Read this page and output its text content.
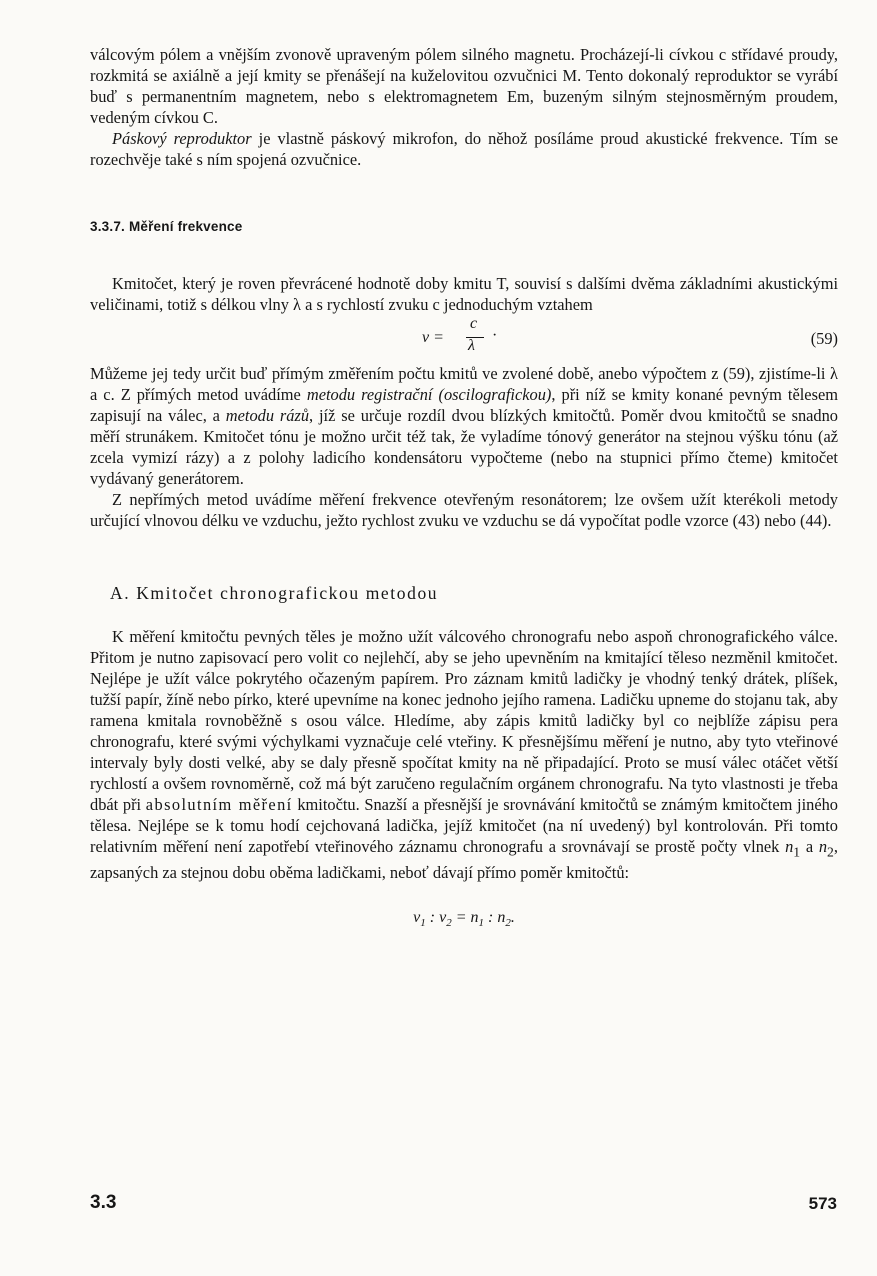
válcovým pólem a vnějším zvonově upraveným pólem silného magnetu. Procházejí-li cívkou c střídavé proudy, rozkmitá se axiálně a její kmity se přenášejí na kuželovitou ozvučnici M. Tento dokonalý reproduktor se vyrábí buď s permanentním magnetem, nebo s elektromagnetem Em, buzeným silným stejnosměrným proudem, vedeným cívkou C.

Páskový reproduktor je vlastně páskový mikrofon, do něhož posíláme proud akustické frekvence. Tím se rozechvěje také s ním spojená ozvučnice.

3.3.7. Měření frekvence

Kmitočet, který je roven převrácené hodnotě doby kmitu T, souvisí s dalšími dvěma základními akustickými veličinami, totiž s délkou vlny λ a s rychlostí zvuku c jednoduchým vztahem

ν =
c
λ
·	(59)

Můžeme jej tedy určit buď přímým změřením počtu kmitů ve zvolené době, anebo výpočtem z (59), zjistíme-li λ a c. Z přímých metod uvádíme metodu registrační (oscilografickou), při níž se kmity konané pevným tělesem zapisují na válec, a metodu rázů, jíž se určuje rozdíl dvou blízkých kmitočtů. Poměr dvou kmitočtů se snadno měří strunákem. Kmitočet tónu je možno určit též tak, že vyladíme tónový generátor na stejnou výšku tónu (až zcela vymizí rázy) a z polohy ladicího kondensátoru vypočteme (nebo na stupnici přímo čteme) kmitočet vydávaný generátorem.

Z nepřímých metod uvádíme měření frekvence otevřeným resonátorem; lze ovšem užít kterékoli metody určující vlnovou délku ve vzduchu, ježto rychlost zvuku ve vzduchu se dá vypočítat podle vzorce (43) nebo (44).

A. Kmitočet chronografickou metodou

K měření kmitočtu pevných těles je možno užít válcového chronografu nebo aspoň chronografického válce. Přitom je nutno zapisovací pero volit co nejlehčí, aby se jeho upevněním na kmitající těleso nezměnil kmitočet. Nejlépe je užít válce pokrytého očazeným papírem. Pro záznam kmitů ladičky je vhodný tenký drátek, plíšek, tužší papír, žíně nebo pírko, které upevníme na konec jednoho jejího ramena. Ladičku upneme do stojanu tak, aby ramena kmitala rovnoběžně s osou válce. Hledíme, aby zápis kmitů ladičky byl co nejblíže zápisu pera chronografu, které svými výchylkami vyznačuje celé vteřiny. K přesnějšímu měření je nutno, aby tyto vteřinové intervaly byly dosti velké, aby se daly přesně spočítat kmity na ně připadající. Proto se musí válec otáčet větší rychlostí a ovšem rovnoměrně, což má být zaručeno regulačním orgánem chronografu. Na tyto vlastnosti je třeba dbát při absolutním měření kmitočtu. Snazší a přesnější je srovnávání kmitočtů se známým kmitočtem jiného tělesa. Nejlépe se k tomu hodí cejchovaná ladička, jejíž kmitočet (na ní uvedený) byl kontrolován. Při tomto relativním měření není zapotřebí vteřinového záznamu chronografu a srovnávají se prostě počty vlnek $n_1$ a $n_2$, zapsaných za stejnou dobu oběma ladičkami, neboť dávají přímo poměr kmitočtů:

$\nu_1$ : $\nu_2 = n_1$ : $n_2$.
3.3	573
